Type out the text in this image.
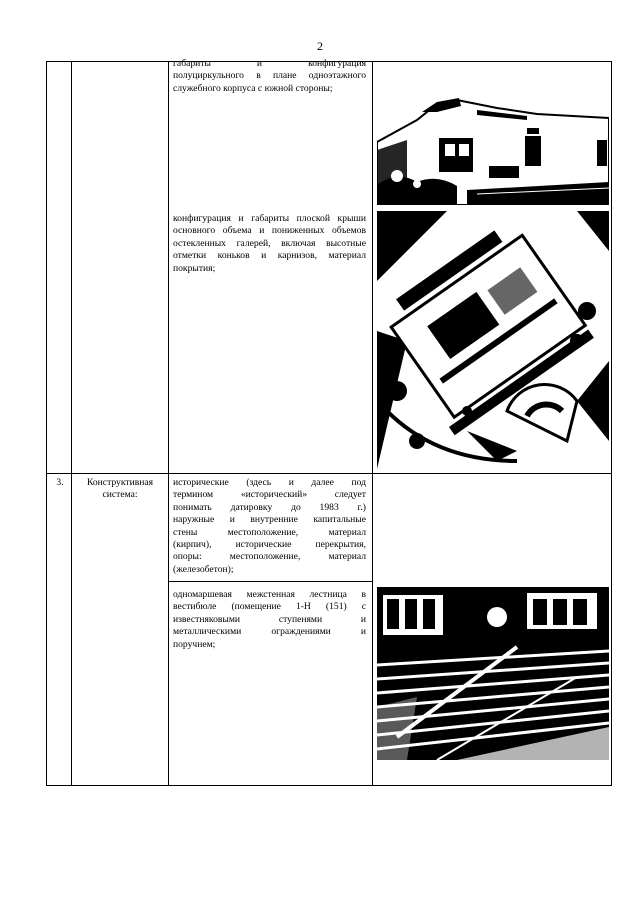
2
габариты и конфигурация
полуциркульного в плане одноэтажного
служебного корпуса с южной стороны;
конфигурация и габариты плоской крыши
основного объема и пониженных объемов
остекленных галерей, включая высотные
отметки коньков и карнизов, материал
покрытия;
3.	Конструктивная
система:
исторические (здесь и далее под
термином «исторический» следует
понимать датировку до 1983 г.)
наружные и внутренние капитальные
стены местоположение, материал
(кирпич), исторические перекрытия,
опоры: местоположение, материал
(железобетон);
одномаршевая межстенная лестница в
вестибюле (помещение 1-Н (151) с
известняковыми ступенями и
металлическими ограждениями и
поручнем;
